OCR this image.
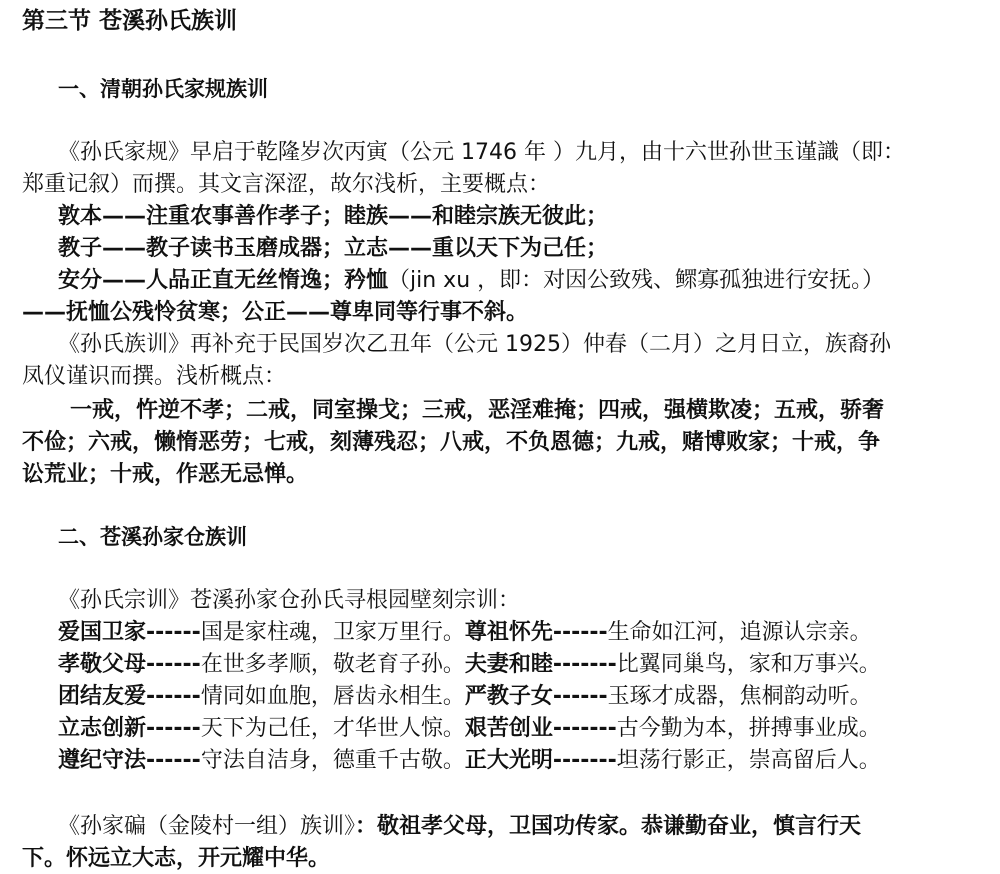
第三节 苍溪孙氏族训
一、清朝孙氏家规族训
《孙氏家规》早启于乾隆岁次丙寅（公元 1746 年 ）九月，由十六世孙世玉谨識（即：
郑重记叙）而撰。其文言深涩，故尔浅析，主要概点：
敦本——注重农事善作孝子；睦族——和睦宗族无彼此；
教子——教子读书玉磨成器；立志——重以天下为己任；
安分——人品正直无丝惰逸；矜恤（jin xu ，即：对因公致残、鳏寡孤独进行安抚。）
——抚恤公残怜贫寒；公正——尊卑同等行事不斜。
《孙氏族训》再补充于民国岁次乙丑年（公元 1925）仲春（二月）之月日立，族裔孙
凤仪谨识而撰。浅析概点：
一戒，忤逆不孝；二戒，同室操戈；三戒，恶淫难掩；四戒，强横欺凌；五戒，骄奢
不俭；六戒，懒惰恶劳；七戒，刻薄残忍；八戒，不负恩德；九戒，赌博败家；十戒，争
讼荒业；十戒，作恶无忌惮。
二、苍溪孙家仓族训
《孙氏宗训》苍溪孙家仓孙氏寻根园壁刻宗训：
爱国卫家------国是家柱魂，卫家万里行。尊祖怀先------生命如江河，追源认宗亲。
孝敬父母------在世多孝顺，敬老育子孙。夫妻和睦-------比翼同巢鸟，家和万事兴。
团结友爱------情同如血胞，唇齿永相生。严教子女------玉琢才成器，焦桐韵动听。
立志创新------天下为己任，才华世人惊。艰苦创业-------古今勤为本，拼搏事业成。
遵纪守法------守法自洁身，德重千古敬。正大光明-------坦荡行影正，崇高留后人。
《孙家碥（金陵村一组）族训》：敬祖孝父母，卫国功传家。恭谦勤奋业，慎言行天
下。怀远立大志，开元耀中华。
